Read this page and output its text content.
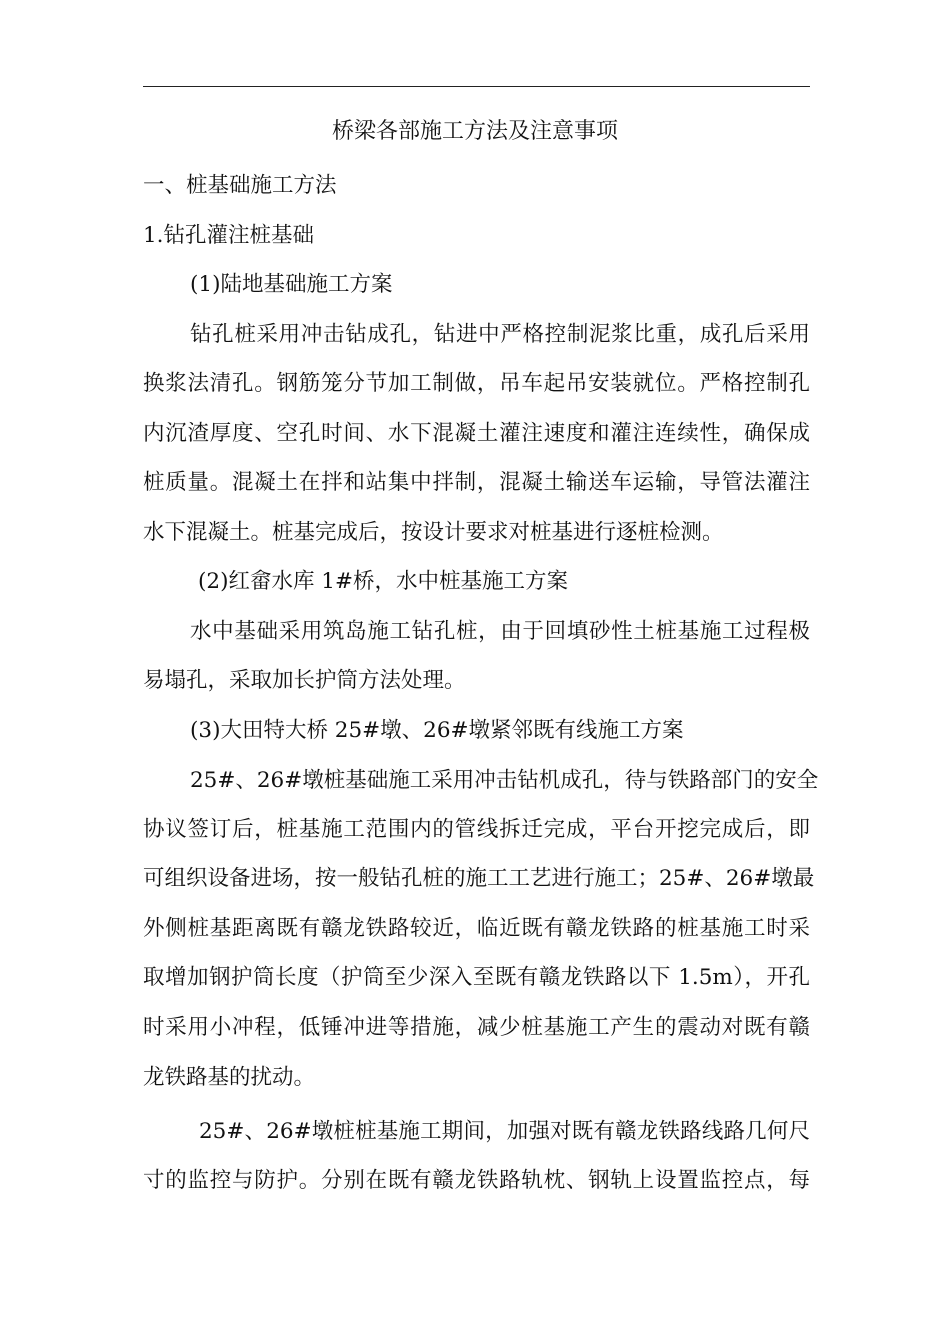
桥梁各部施工方法及注意事项
一、桩基础施工方法
1.钻孔灌注桩基础
(1)陆地基础施工方案
钻孔桩采用冲击钻成孔，钻进中严格控制泥浆比重，成孔后采用
换浆法清孔。钢筋笼分节加工制做，吊车起吊安装就位。严格控制孔
内沉渣厚度、空孔时间、水下混凝土灌注速度和灌注连续性，确保成
桩质量。混凝土在拌和站集中拌制，混凝土输送车运输，导管法灌注
水下混凝土。桩基完成后，按设计要求对桩基进行逐桩检测。
(2)红畲水库 1#桥，水中桩基施工方案
水中基础采用筑岛施工钻孔桩，由于回填砂性土桩基施工过程极
易塌孔，采取加长护筒方法处理。
(3)大田特大桥 25#墩、26#墩紧邻既有线施工方案
25#、26#墩桩基础施工采用冲击钻机成孔，待与铁路部门的安全
协议签订后，桩基施工范围内的管线拆迁完成，平台开挖完成后，即
可组织设备进场，按一般钻孔桩的施工工艺进行施工；25#、26#墩最
外侧桩基距离既有赣龙铁路较近，临近既有赣龙铁路的桩基施工时采
取增加钢护筒长度（护筒至少深入至既有赣龙铁路以下 1.5m），开孔
时采用小冲程，低锤冲进等措施，减少桩基施工产生的震动对既有赣
龙铁路基的扰动。
25#、26#墩桩桩基施工期间，加强对既有赣龙铁路线路几何尺
寸的监控与防护。分别在既有赣龙铁路轨枕、钢轨上设置监控点，每
